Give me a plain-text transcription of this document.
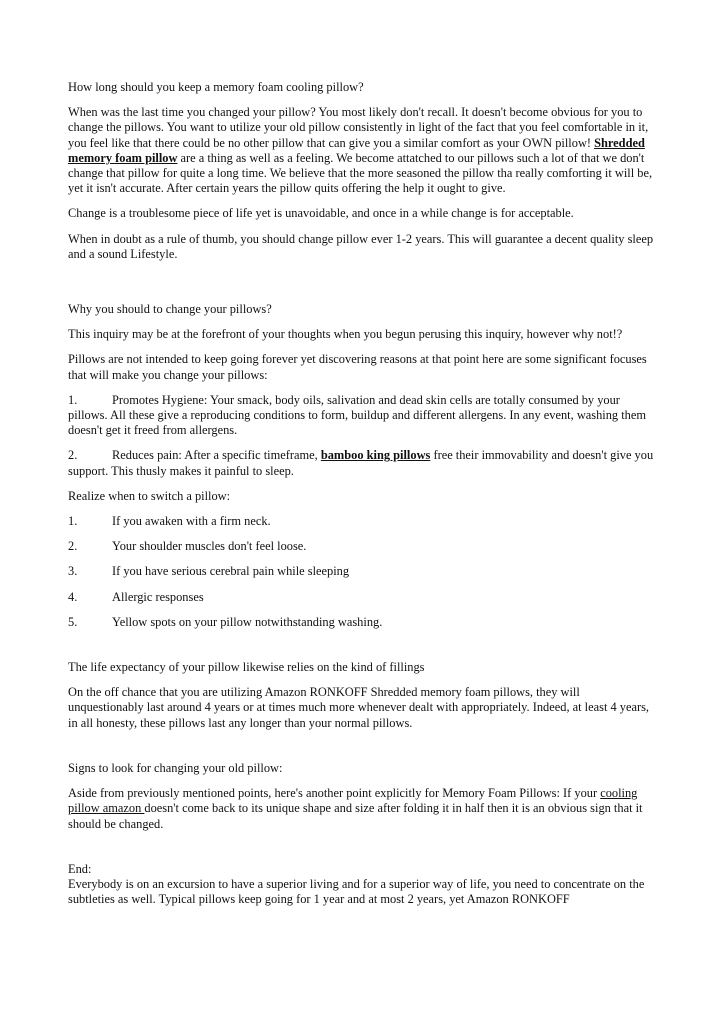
How long should you keep a memory foam cooling pillow?

When was the last time you changed your pillow? You most likely don't recall. It doesn't become obvious for you to change the pillows. You want to utilize your old pillow consistently in light of the fact that you feel comfortable in it, you feel like that there could be no other pillow that can give you a similar comfort as your OWN pillow! Shredded memory foam pillow are a thing as well as a feeling. We become attatched to our pillows such a lot of that we don't change that pillow for quite a long time. We believe that the more seasoned the pillow tha really comforting it will be, yet it isn't accurate. After certain years the pillow quits offering the help it ought to give.

Change is a troublesome piece of life yet is unavoidable, and once in a while change is for acceptable.

When in doubt as a rule of thumb, you should change pillow ever 1-2 years. This will guarantee a decent quality sleep and a sound Lifestyle.

Why you should to change your pillows?

This inquiry may be at the forefront of your thoughts when you begun perusing this inquiry, however why not!?

Pillows are not intended to keep going forever yet discovering reasons at that point here are some significant focuses that will make you change your pillows:

1.	Promotes Hygiene: Your smack, body oils, salivation and dead skin cells are totally consumed by your pillows. All these give a reproducing conditions to form, buildup and different allergens. In any event, washing them doesn't get it freed from allergens.

2.	Reduces pain: After a specific timeframe, bamboo king pillows free their immovability and doesn't give you support. This thusly makes it painful to sleep.

Realize when to switch a pillow:

1.	If you awaken with a firm neck.
2.	Your shoulder muscles don't feel loose.
3.	If you have serious cerebral pain while sleeping
4.	Allergic responses
5.	Yellow spots on your pillow notwithstanding washing.

The life expectancy of your pillow likewise relies on the kind of fillings

On the off chance that you are utilizing Amazon RONKOFF Shredded memory foam pillows, they will unquestionably last around 4 years or at times much more whenever dealt with appropriately. Indeed, at least 4 years, in all honesty, these pillows last any longer than your normal pillows.

Signs to look for changing your old pillow:

Aside from previously mentioned points, here's another point explicitly for Memory Foam Pillows: If your cooling pillow amazon doesn't come back to its unique shape and size after folding it in half then it is an obvious sign that it should be changed.

End:

Everybody is on an excursion to have a superior living and for a superior way of life, you need to concentrate on the subtleties as well. Typical pillows keep going for 1 year and at most 2 years, yet Amazon RONKOFF
